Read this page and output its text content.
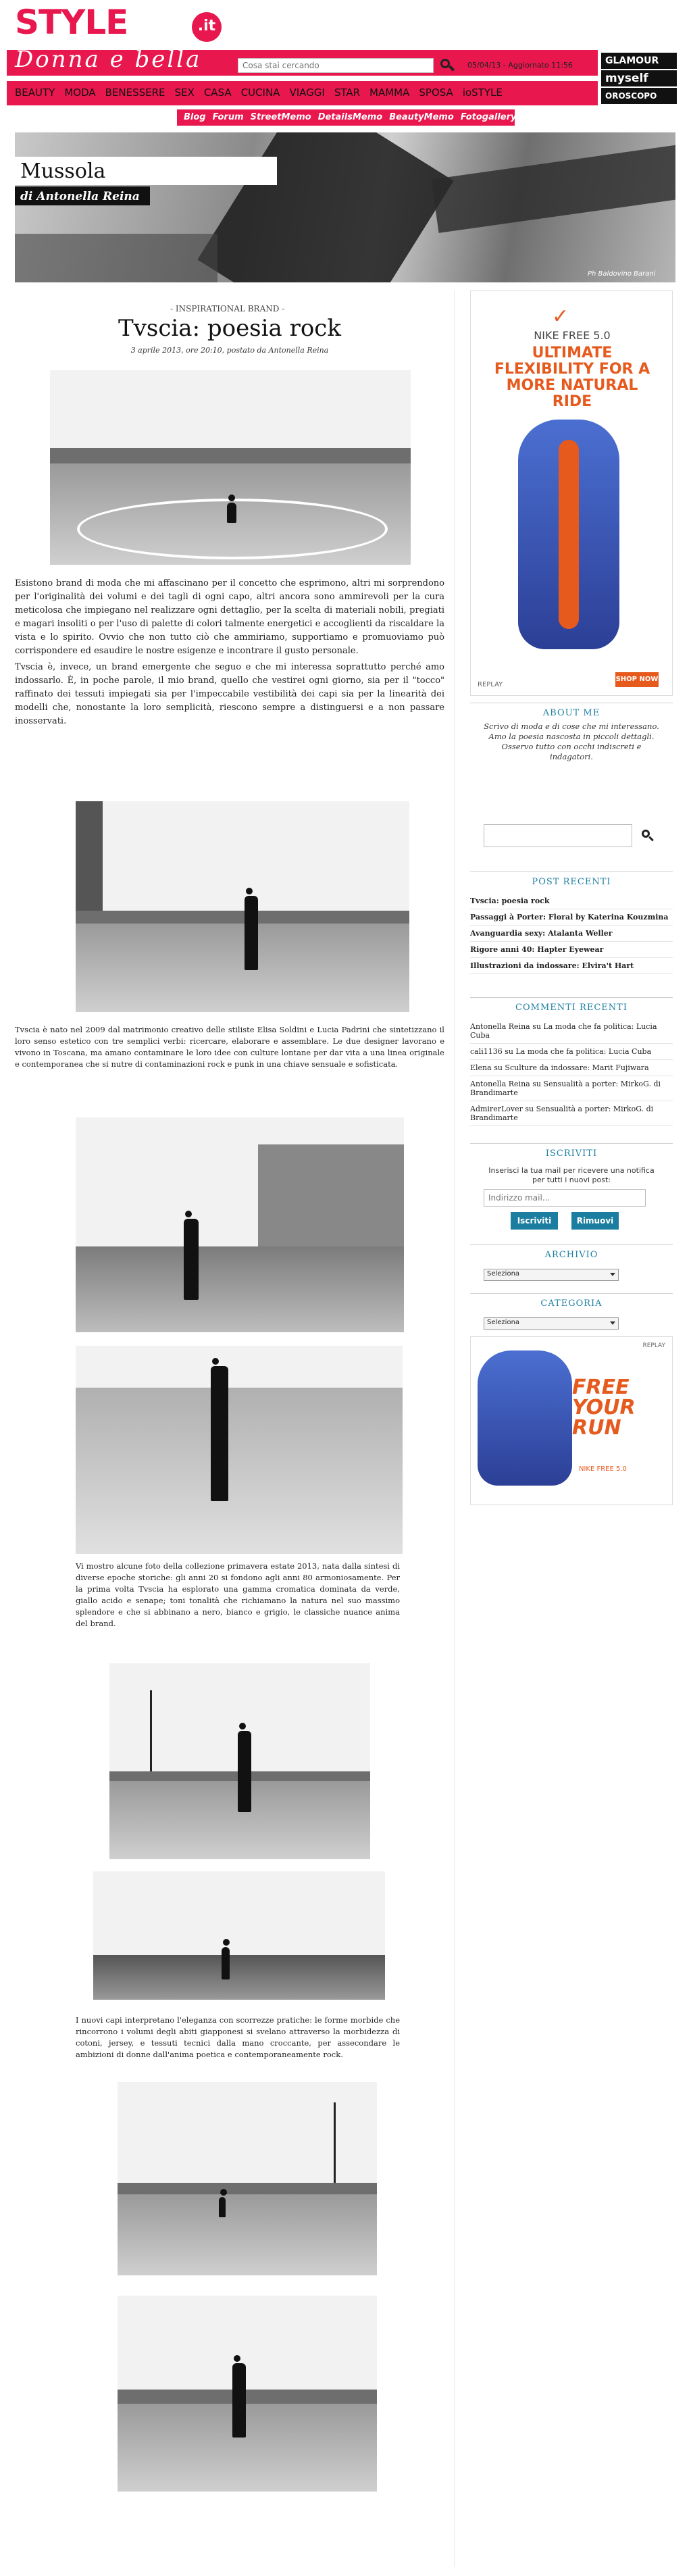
STYLE	.it
Donna e bella
Cosa stai cercando	05/04/13 - Aggiornato 11:56
BEAUTY MODA BENESSERE SEX CASA CUCINA VIAGGI STAR MAMMA SPOSA ioSTYLE
GLAMOUR
myself
OROSCOPO
Blog Forum StreetMemo DetailsMemo BeautyMemo Fotogallery
Mussola
di Antonella Reina
Ph Baldovino Barani
- INSPIRATIONAL BRAND -
Tvscia: poesia rock
3 aprile 2013, ore 20:10, postato da Antonella Reina
Esistono brand di moda che mi affascinano per il concetto che esprimono, altri mi sorprendono per l'originalità dei volumi e dei tagli di ogni capo, altri ancora sono ammirevoli per la cura meticolosa che impiegano nel realizzare ogni dettaglio, per la scelta di materiali nobili, pregiati e magari insoliti o per l'uso di palette di colori talmente energetici e accoglienti da riscaldare la vista e lo spirito. Ovvio che non tutto ciò che ammiriamo, supportiamo e promuoviamo può corrispondere ed esaudire le nostre esigenze e incontrare il gusto personale.
Tvscia è, invece, un brand emergente che seguo e che mi interessa soprattutto perché amo indossarlo. È, in poche parole, il mio brand, quello che vestirei ogni giorno, sia per il "tocco" raffinato dei tessuti impiegati sia per l'impeccabile vestibilità dei capi sia per la linearità dei modelli che, nonostante la loro semplicità, riescono sempre a distinguersi e a non passare inosservati.
Tvscia è nato nel 2009 dal matrimonio creativo delle stiliste Elisa Soldini e Lucia Padrini che sintetizzano il loro senso estetico con tre semplici verbi: ricercare, elaborare e assemblare. Le due designer lavorano e vivono in Toscana, ma amano contaminare le loro idee con culture lontane per dar vita a una linea originale e contemporanea che si nutre di contaminazioni rock e punk in una chiave sensuale e sofisticata.
Vi mostro alcune foto della collezione primavera estate 2013, nata dalla sintesi di diverse epoche storiche: gli anni 20 si fondono agli anni 80 armoniosamente. Per la prima volta Tvscia ha esplorato una gamma cromatica dominata da verde, giallo acido e senape; toni tonalità che richiamano la natura nel suo massimo splendore e che si abbinano a nero, bianco e grigio, le classiche nuance anima del brand.
I nuovi capi interpretano l'eleganza con scorrezze pratiche: le forme morbide che rincorrono i volumi degli abiti giapponesi si svelano attraverso la morbidezza di cotoni, jersey, e tessuti tecnici dalla mano croccante, per assecondare le ambizioni di donne dall'anima poetica e contemporaneamente rock.
✓
NIKE FREE 5.0
ULTIMATE FLEXIBILITY FOR A MORE NATURAL RIDE
REPLAY
SHOP NOW
ABOUT ME
Scrivo di moda e di cose che mi interessano. Amo la poesia nascosta in piccoli dettagli. Osservo tutto con occhi indiscreti e indagatori.
POST RECENTI
Tvscia: poesia rock
Passaggi à Porter: Floral by Katerina Kouzmina
Avanguardia sexy: Atalanta Weller
Rigore anni 40: Hapter Eyewear
Illustrazioni da indossare: Elvira't Hart
COMMENTI RECENTI
Antonella Reina su La moda che fa politica: Lucia Cuba
cali1136 su La moda che fa politica: Lucia Cuba
Elena su Sculture da indossare: Marit Fujiwara
Antonella Reina su Sensualità a porter: MirkoG. di Brandimarte
AdmirerLover su Sensualità a porter: MirkoG. di Brandimarte
ISCRIVITI
Inserisci la tua mail per ricevere una notifica per tutti i nuovi post:
Indirizzo mail...
Iscriviti	Rimuovi
ARCHIVIO
Seleziona
CATEGORIA
Seleziona
FREE YOUR RUN
NIKE FREE 5.0
REPLAY
